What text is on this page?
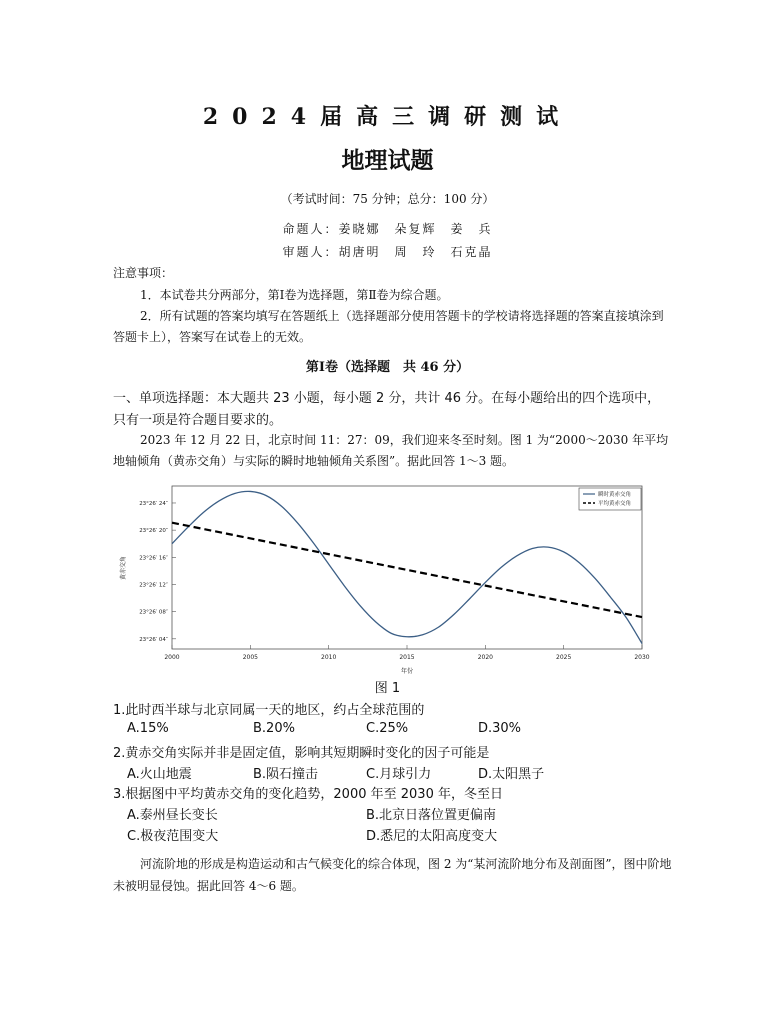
2024届高三调研测试
地理试题
（考试时间：75 分钟；总分：100 分）
命题人：姜晓娜　朵复辉　姜　兵
审题人：胡唐明　周　玲　石克晶
注意事项：
1．本试卷共分两部分，第Ⅰ卷为选择题，第Ⅱ卷为综合题。
2．所有试题的答案均填写在答题纸上（选择题部分使用答题卡的学校请将选择题的答案直接填涂到答题卡上），答案写在试卷上的无效。
第Ⅰ卷（选择题　共 46 分）
一、单项选择题：本大题共 23 小题，每小题 2 分，共计 46 分。在每小题给出的四个选项中，只有一项是符合题目要求的。
2023 年 12 月 22 日，北京时间 11：27：09，我们迎来冬至时刻。图 1 为“2000～2030 年平均地轴倾角（黄赤交角）与实际的瞬时地轴倾角关系图”。据此回答 1～3 题。
23°26′ 04″
23°26′ 08″
23°26′ 12″
23°26′ 16″
23°26′ 20″
23°26′ 24″
2000	2005	2010	2015	2020	2025	2030
黄赤交角
年份
瞬时黄赤交角
平均黄赤交角
图 1
1.此时西半球与北京同属一天的地区，约占全球范围的
A.15%	B.20%	C.25%	D.30%
2.黄赤交角实际并非是固定值，影响其短期瞬时变化的因子可能是
A.火山地震	B.陨石撞击	C.月球引力	D.太阳黑子
3.根据图中平均黄赤交角的变化趋势，2000 年至 2030 年，冬至日
A.泰州昼长变长	B.北京日落位置更偏南
C.极夜范围变大	D.悉尼的太阳高度变大
河流阶地的形成是构造运动和古气候变化的综合体现，图 2 为“某河流阶地分布及剖面图”，图中阶地未被明显侵蚀。据此回答 4～6 题。
